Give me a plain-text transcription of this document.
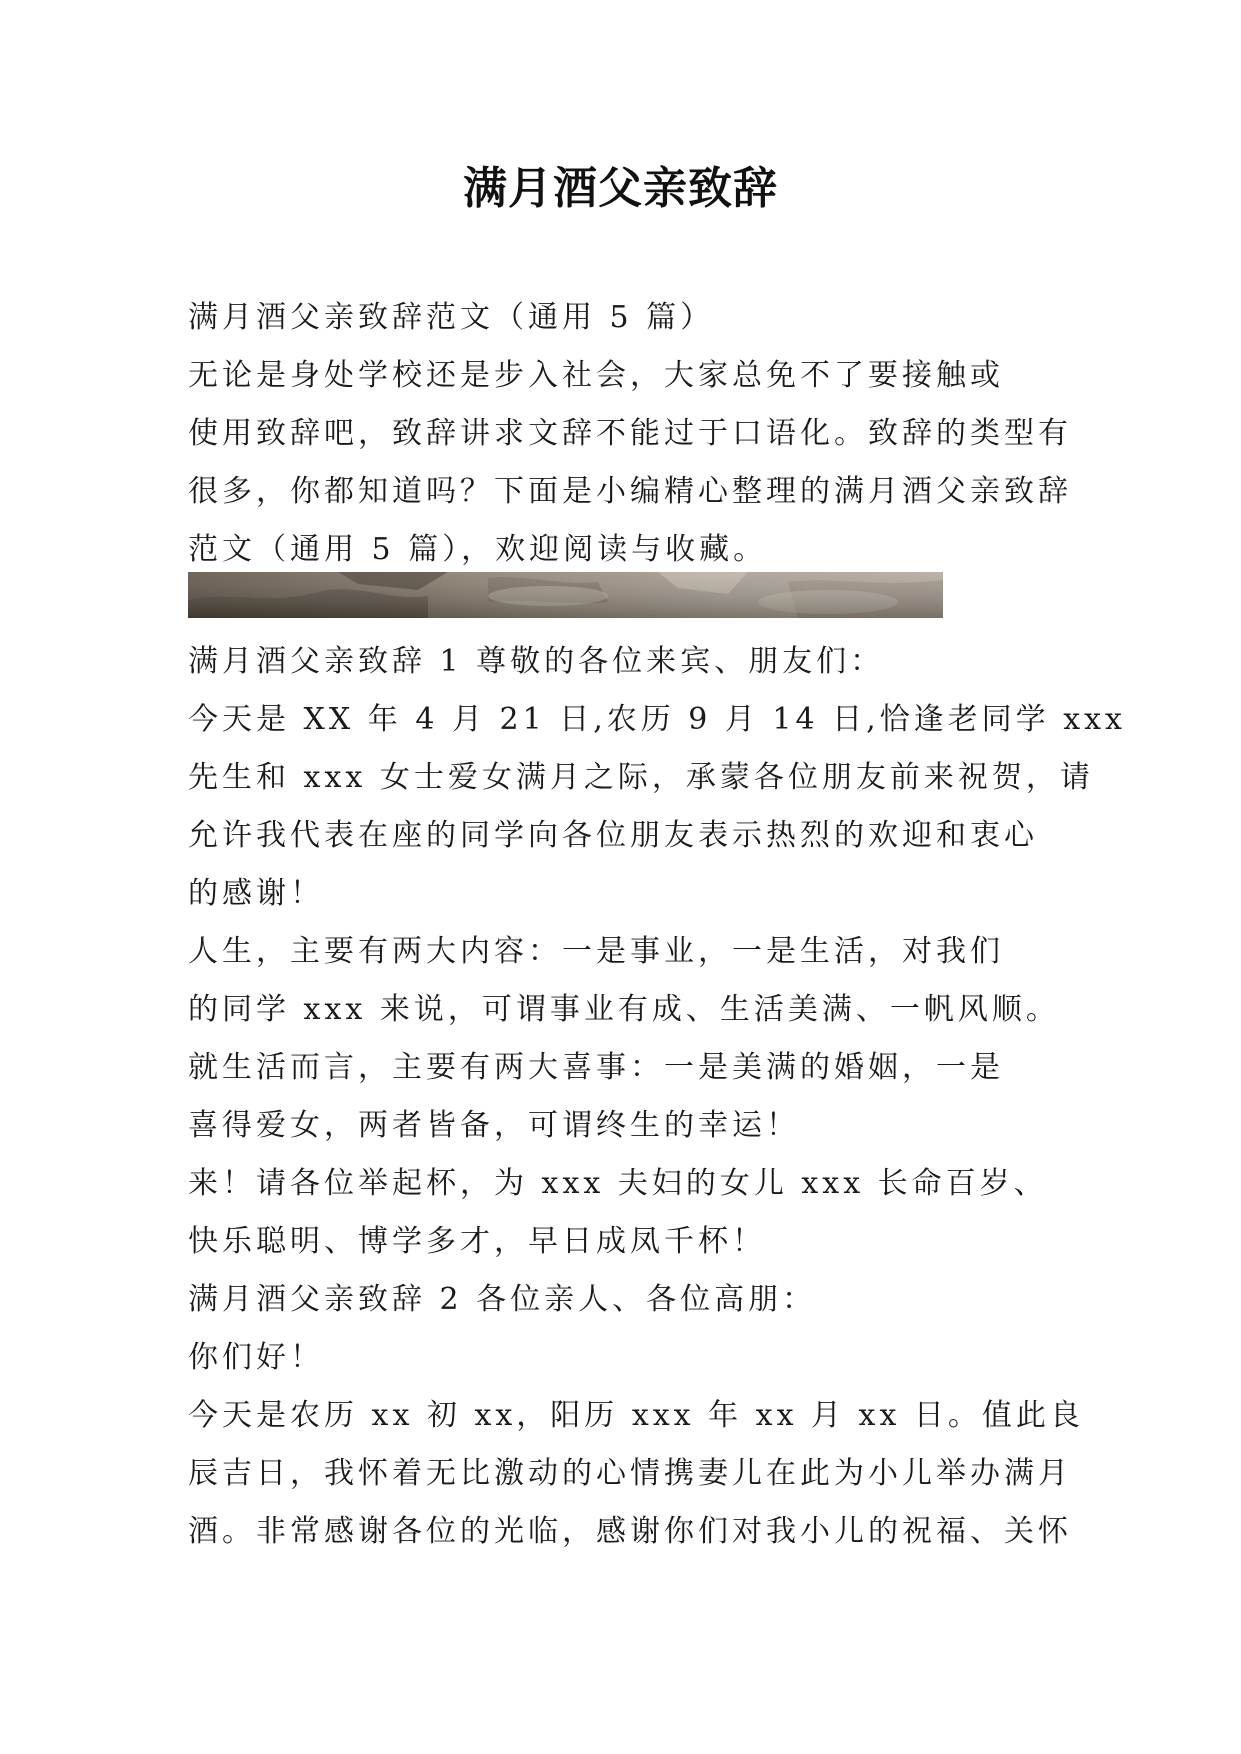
满月酒父亲致辞

满月酒父亲致辞范文（通用 5 篇）

无论是身处学校还是步入社会，大家总免不了要接触或

使用致辞吧，致辞讲求文辞不能过于口语化。致辞的类型有

很多，你都知道吗？下面是小编精心整理的满月酒父亲致辞

范文（通用 5 篇），欢迎阅读与收藏。

满月酒父亲致辞 1 尊敬的各位来宾、朋友们：

今天是 XX 年 4 月 21 日,农历 9 月 14 日,恰逢老同学 xxx

先生和 xxx 女士爱女满月之际，承蒙各位朋友前来祝贺，请

允许我代表在座的同学向各位朋友表示热烈的欢迎和衷心

的感谢！

人生，主要有两大内容：一是事业，一是生活，对我们

的同学 xxx 来说，可谓事业有成、生活美满、一帆风顺。

就生活而言，主要有两大喜事：一是美满的婚姻，一是

喜得爱女，两者皆备，可谓终生的幸运！

来！请各位举起杯，为 xxx 夫妇的女儿 xxx 长命百岁、

快乐聪明、博学多才，早日成凤千杯！

满月酒父亲致辞 2 各位亲人、各位高朋：

你们好！

今天是农历 xx 初 xx，阳历 xxx 年 xx 月 xx 日。值此良

辰吉日，我怀着无比激动的心情携妻儿在此为小儿举办满月

酒。非常感谢各位的光临，感谢你们对我小儿的祝福、关怀
